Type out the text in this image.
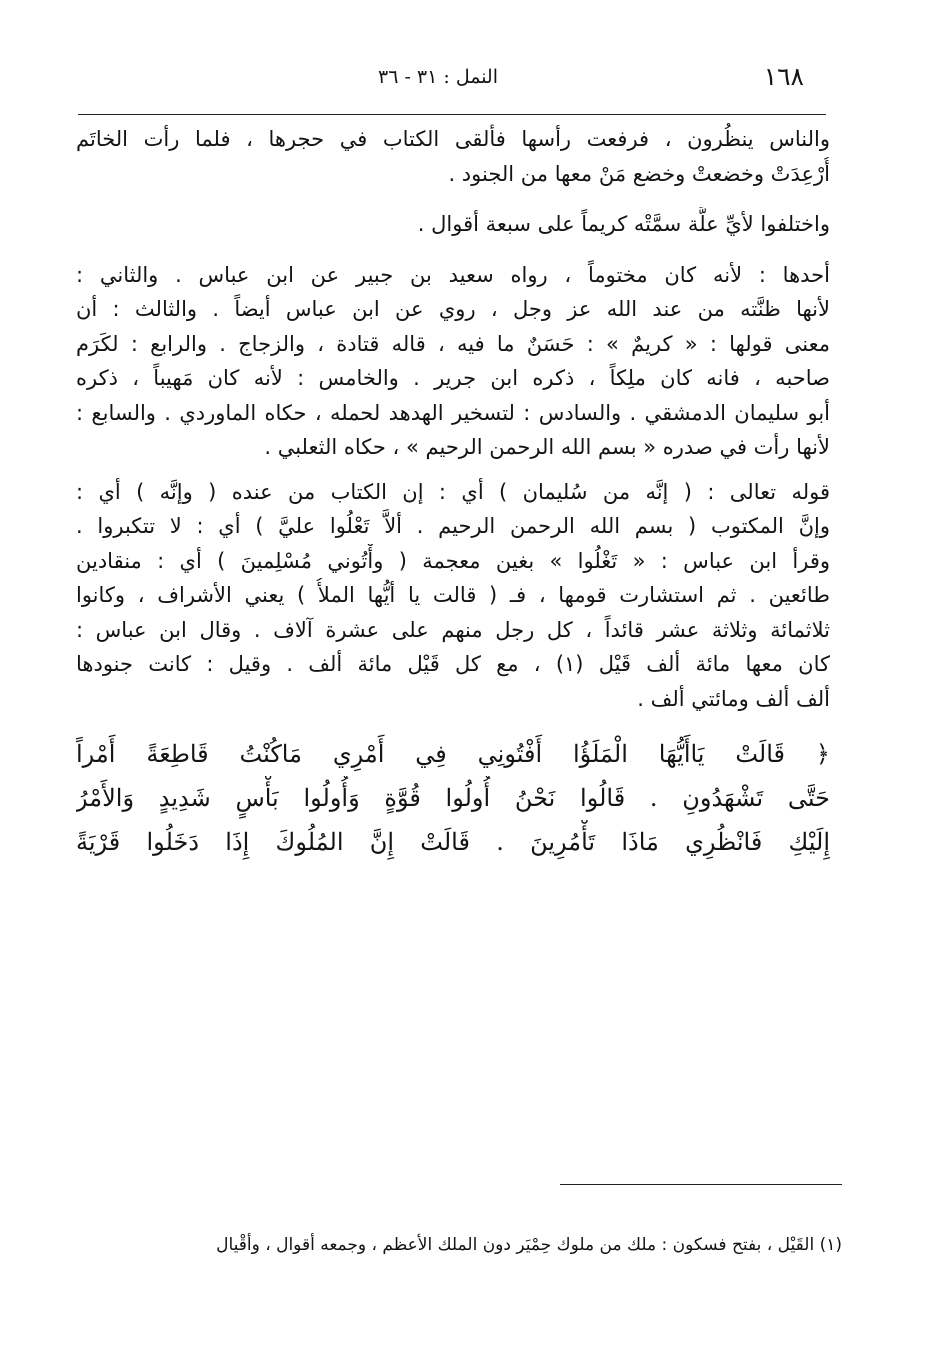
١٦٨
النمل : ٣١ - ٣٦
والناس ينظُرون ، فرفعت رأسها فألقى الكتاب في حجرها ، فلما رأت الخاتَم
أُرْعِدَتْ وخضعتْ وخضع مَنْ معها من الجنود .
واختلفوا لأيِّ علَّة سمَّتْه كريماً على سبعة أقوال .
أحدها : لأنه كان مختوماً ، رواه سعيد بن جبير عن ابن عباس . والثاني :
لأنها ظنَّته من عند الله عز وجل ، روي عن ابن عباس أيضاً . والثالث : أن
معنى قولها : « كريمٌ » : حَسَنٌ ما فيه ، قاله قتادة ، والزجاج . والرابع : لكَرَم
صاحبه ، فانه كان ملِكاً ، ذكره ابن جرير . والخامس : لأنه كان مَهيباً ، ذكره
أبو سليمان الدمشقي . والسادس : لتسخير الهدهد لحمله ، حكاه الماوردي . والسابع :
لأنها رأت في صدره « بسم الله الرحمن الرحيم » ، حكاه الثعلبي .
قوله تعالى : ( إنَّه من سُليمان ) أي : إن الكتاب من عنده ( وإنَّه ) أي :
وإنَّ المكتوب ( بسم الله الرحمن الرحيم . ألاَّ تَعْلُوا عليَّ ) أي : لا تتكبروا .
وقرأ ابن عباس : « تَغْلُوا » بغين معجمة ( وأْتُوني مُسْلِمينَ ) أي : منقادين
طائعين . ثم استشارت قومها ، فـ ( قالت يا أيُّها الملأُ ) يعني الأشراف ، وكانوا
ثلاثمائة وثلاثة عشر قائداً ، كل رجل منهم على عشرة آلاف . وقال ابن عباس :
كان معها مائة ألف قَيْل (١) ، مع كل قَيْل مائة ألف . وقيل : كانت جنودها
ألف ألف ومائتي ألف .
﴿ قَالَتْ يَاأَيُّهَا الْمَلَؤُا أَفْتُونِي فِي أَمْرِي مَاكُنْتُ قَاطِعَةً أَمْراً
حَتَّى تَشْهَدُونِ . قَالُوا نَحْنُ أُولُوا قُوَّةٍ وَأُولُوا بَأْسٍ شَدِيدٍ وَالأَمْرُ
إِلَيْكِ فَانْظُرِي مَاذَا تَأْمُرِينَ . قَالَتْ إِنَّ المُلُوكَ إِذَا دَخَلُوا قَرْيَةً
(١) القَيْل ، بفتح فسكون : ملك من ملوك حِمْيَر دون الملك الأعظم ، وجمعه أقوال ، وأقْيال
